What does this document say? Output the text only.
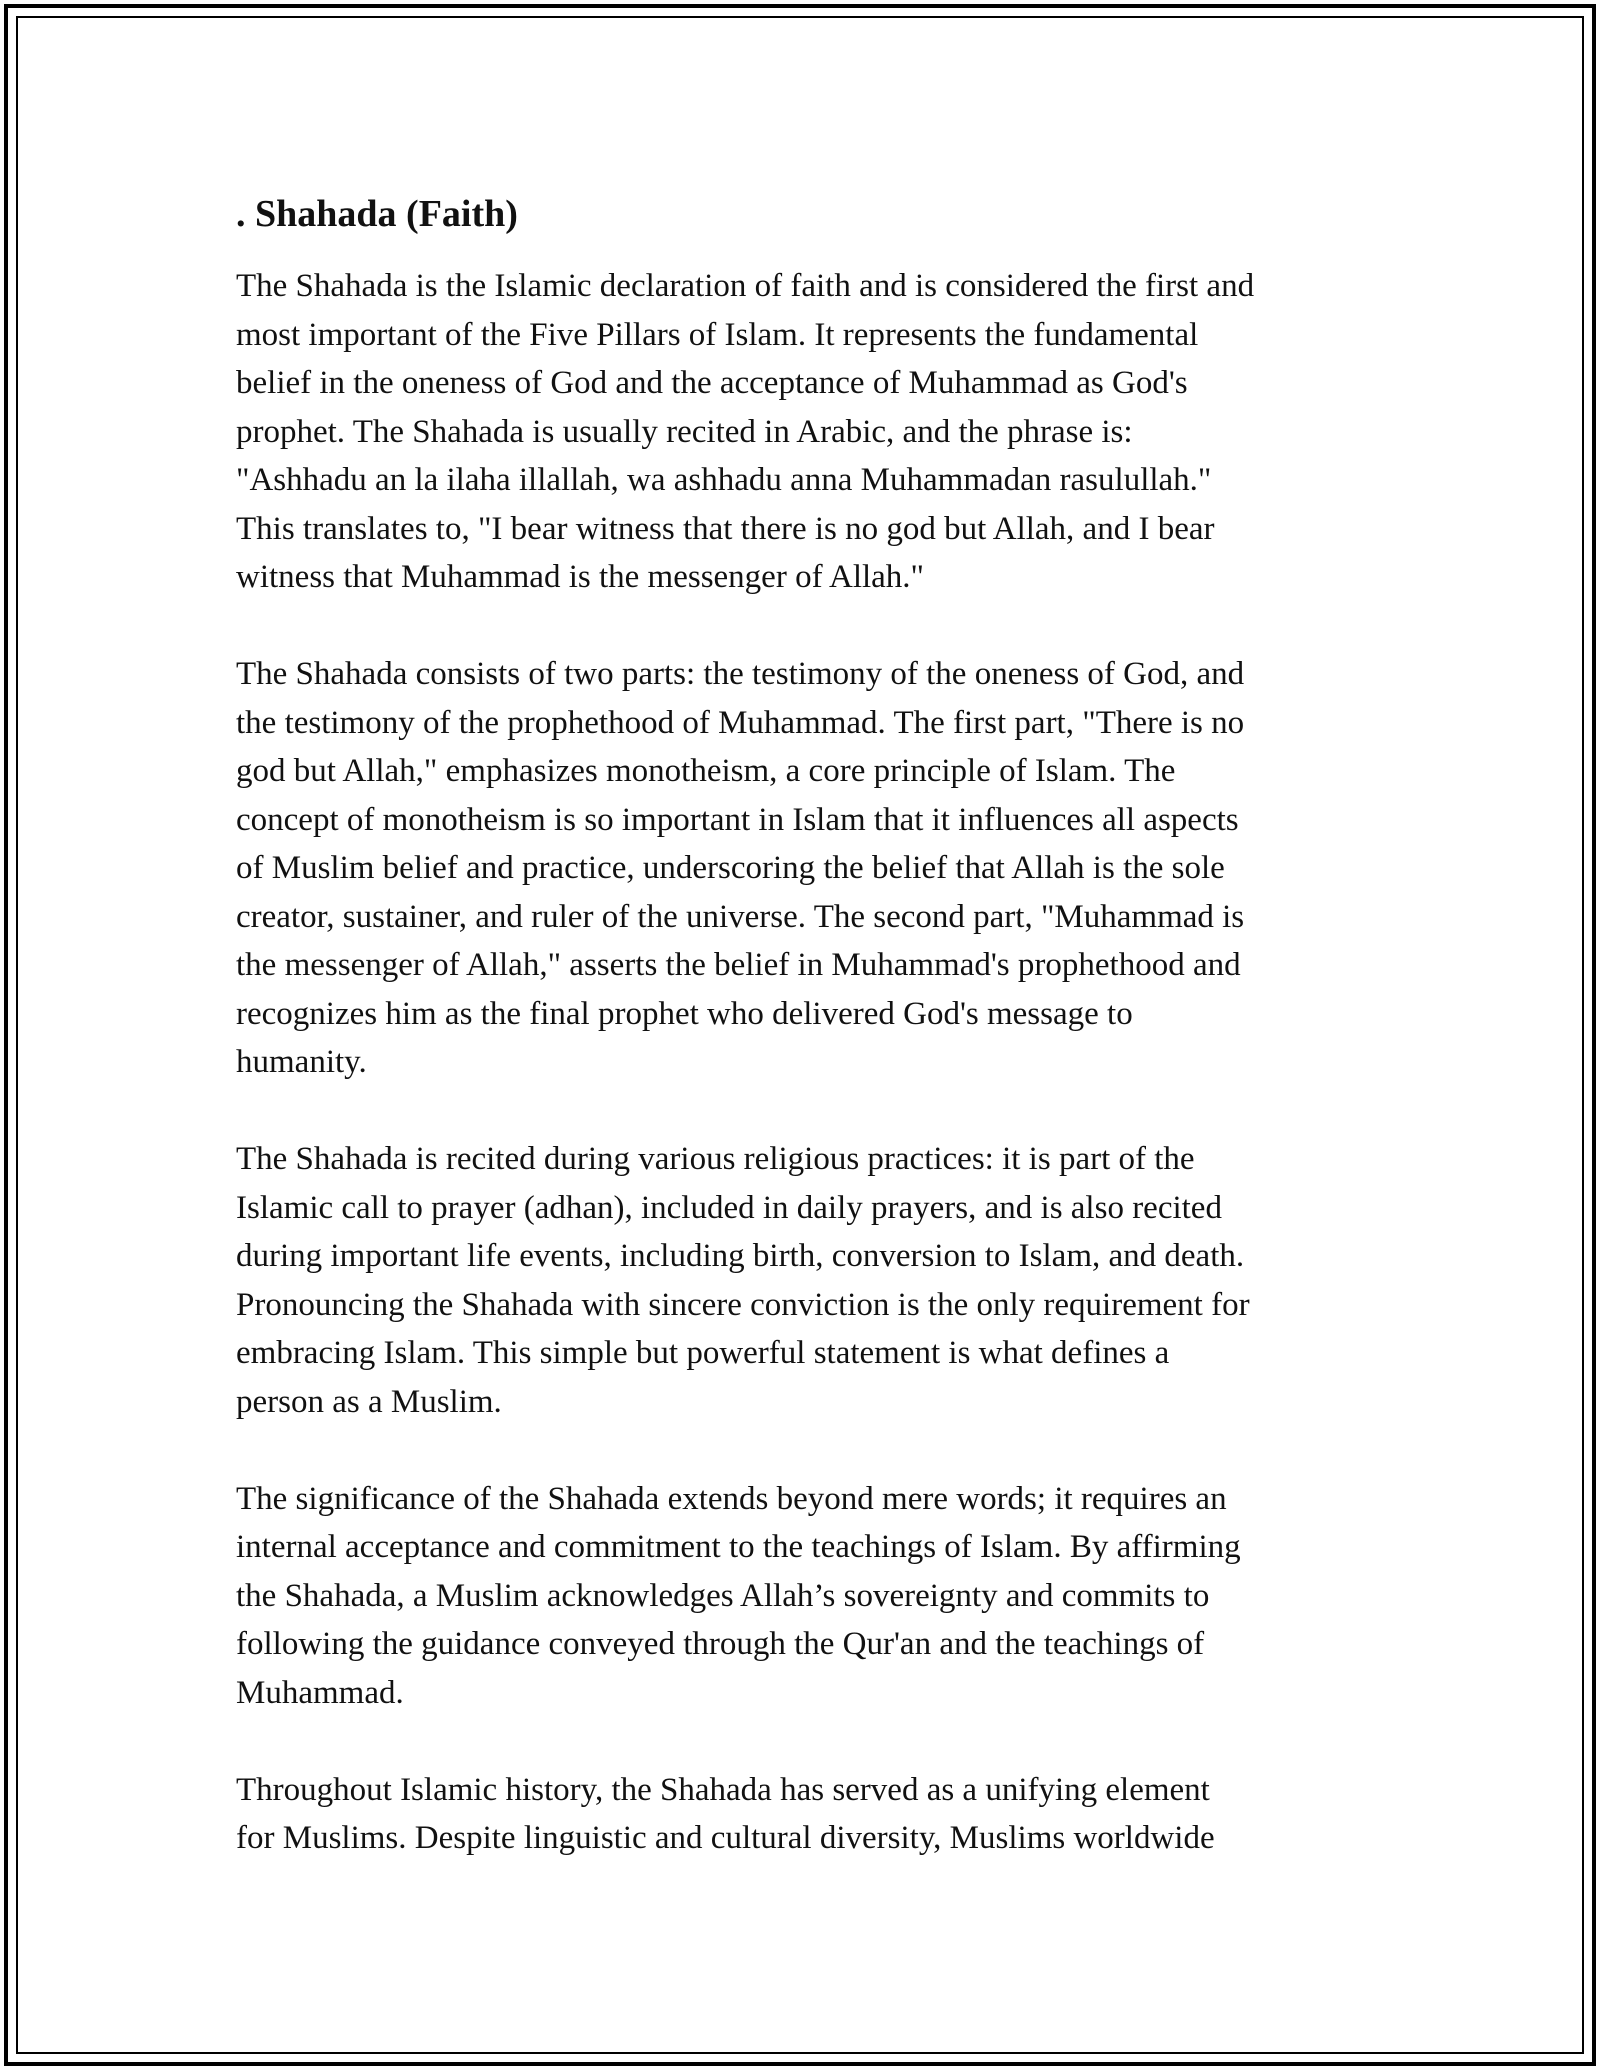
. Shahada (Faith)

The Shahada is the Islamic declaration of faith and is considered the first and
most important of the Five Pillars of Islam. It represents the fundamental
belief in the oneness of God and the acceptance of Muhammad as God's
prophet. The Shahada is usually recited in Arabic, and the phrase is:
"Ashhadu an la ilaha illallah, wa ashhadu anna Muhammadan rasulullah."
This translates to, "I bear witness that there is no god but Allah, and I bear
witness that Muhammad is the messenger of Allah."

The Shahada consists of two parts: the testimony of the oneness of God, and
the testimony of the prophethood of Muhammad. The first part, "There is no
god but Allah," emphasizes monotheism, a core principle of Islam. The
concept of monotheism is so important in Islam that it influences all aspects
of Muslim belief and practice, underscoring the belief that Allah is the sole
creator, sustainer, and ruler of the universe. The second part, "Muhammad is
the messenger of Allah," asserts the belief in Muhammad's prophethood and
recognizes him as the final prophet who delivered God's message to
humanity.

The Shahada is recited during various religious practices: it is part of the
Islamic call to prayer (adhan), included in daily prayers, and is also recited
during important life events, including birth, conversion to Islam, and death.
Pronouncing the Shahada with sincere conviction is the only requirement for
embracing Islam. This simple but powerful statement is what defines a
person as a Muslim.

The significance of the Shahada extends beyond mere words; it requires an
internal acceptance and commitment to the teachings of Islam. By affirming
the Shahada, a Muslim acknowledges Allah’s sovereignty and commits to
following the guidance conveyed through the Qur'an and the teachings of
Muhammad.

Throughout Islamic history, the Shahada has served as a unifying element
for Muslims. Despite linguistic and cultural diversity, Muslims worldwide
